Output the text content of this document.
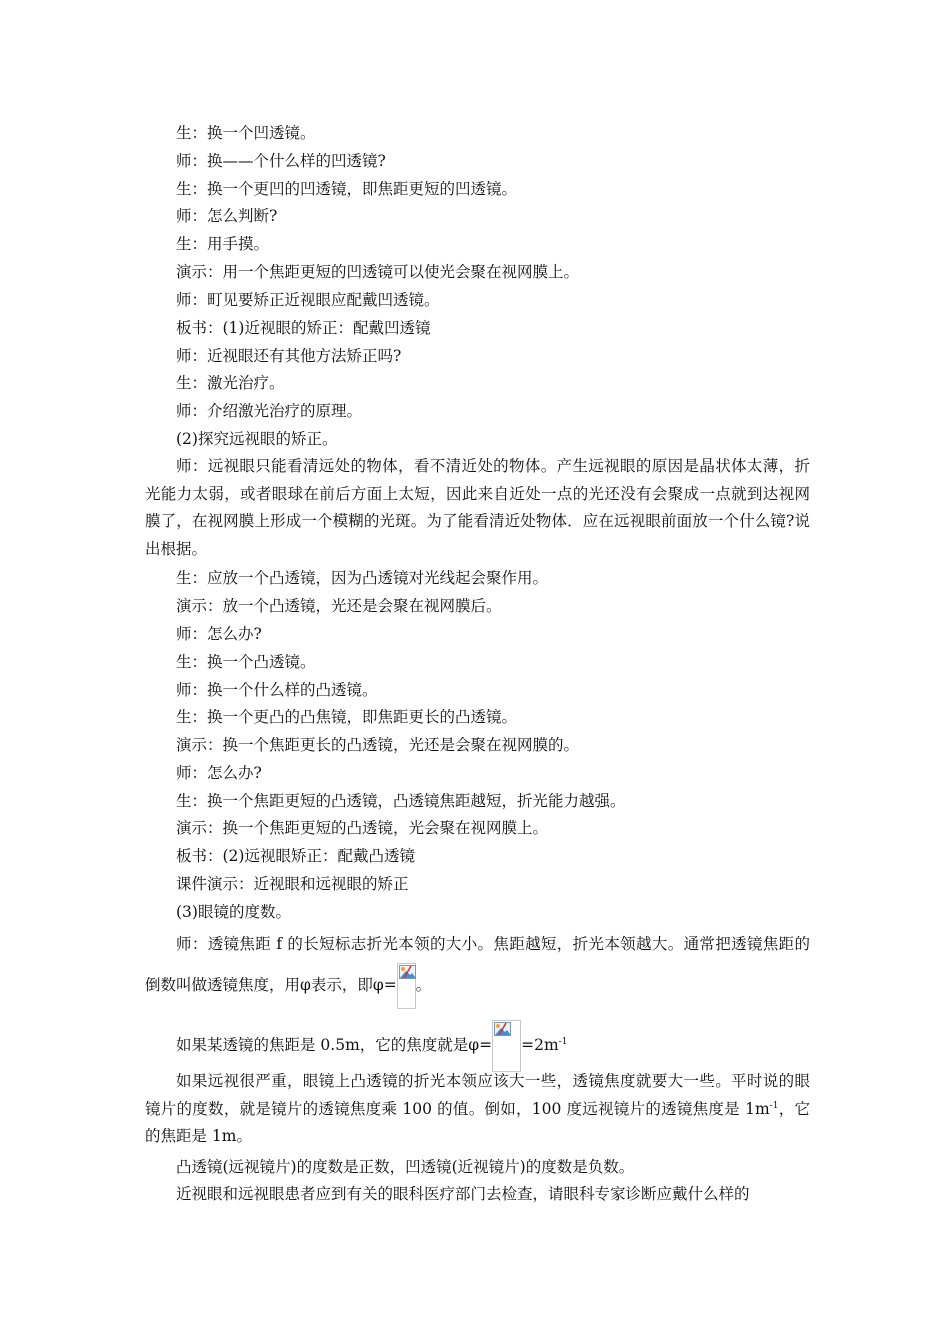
生：换一个凹透镜。
师：换——个什么样的凹透镜?
生：换一个更凹的凹透镜，即焦距更短的凹透镜。
师：怎么判断?
生：用手摸。
演示：用一个焦距更短的凹透镜可以使光会聚在视网膜上。
师：町见要矫正近视眼应配戴凹透镜。
板书：(1)近视眼的矫正：配戴凹透镜
师：近视眼还有其他方法矫正吗?
生：激光治疗。
师：介绍激光治疗的原理。
(2)探究远视眼的矫正。

师：远视眼只能看清远处的物体，看不清近处的物体。产生远视眼的原因是晶状体太薄，折光能力太弱，或者眼球在前后方面上太短，因此来自近处一点的光还没有会聚成一点就到达视网膜了，在视网膜上形成一个模糊的光斑。为了能看清近处物体．应在远视眼前面放一个什么镜?说出根据。

生：应放一个凸透镜，因为凸透镜对光线起会聚作用。
演示：放一个凸透镜，光还是会聚在视网膜后。
师：怎么办?
生：换一个凸透镜。
师：换一个什么样的凸透镜。
生：换一个更凸的凸焦镜，即焦距更长的凸透镜。
演示：换一个焦距更长的凸透镜，光还是会聚在视网膜的。
师：怎么办?
生：换一个焦距更短的凸透镜，凸透镜焦距越短，折光能力越强。
演示：换一个焦距更短的凸透镜，光会聚在视网膜上。
板书：(2)远视眼矫正：配戴凸透镜
课件演示：近视眼和远视眼的矫正
(3)眼镜的度数。

师：透镜焦距 f 的长短标志折光本领的大小。焦距越短，折光本领越大。通常把透镜焦距的倒数叫做透镜焦度，用φ表示，即φ= 。

如果某透镜的焦距是 0.5m，它的焦度就是$\varphi= =2m^{-1}$

如果远视很严重，眼镜上凸透镜的折光本领应该大一些，透镜焦度就要大一些。平时说的眼镜片的度数，就是镜片的透镜焦度乘 100 的值。倒如，100 度远视镜片的透镜焦度是 $1m^{-1}$，它的焦距是 1m。

凸透镜(远视镜片)的度数是正数，凹透镜(近视镜片)的度数是负数。

近视眼和远视眼患者应到有关的眼科医疗部门去检查，请眼科专家诊断应戴什么样的
